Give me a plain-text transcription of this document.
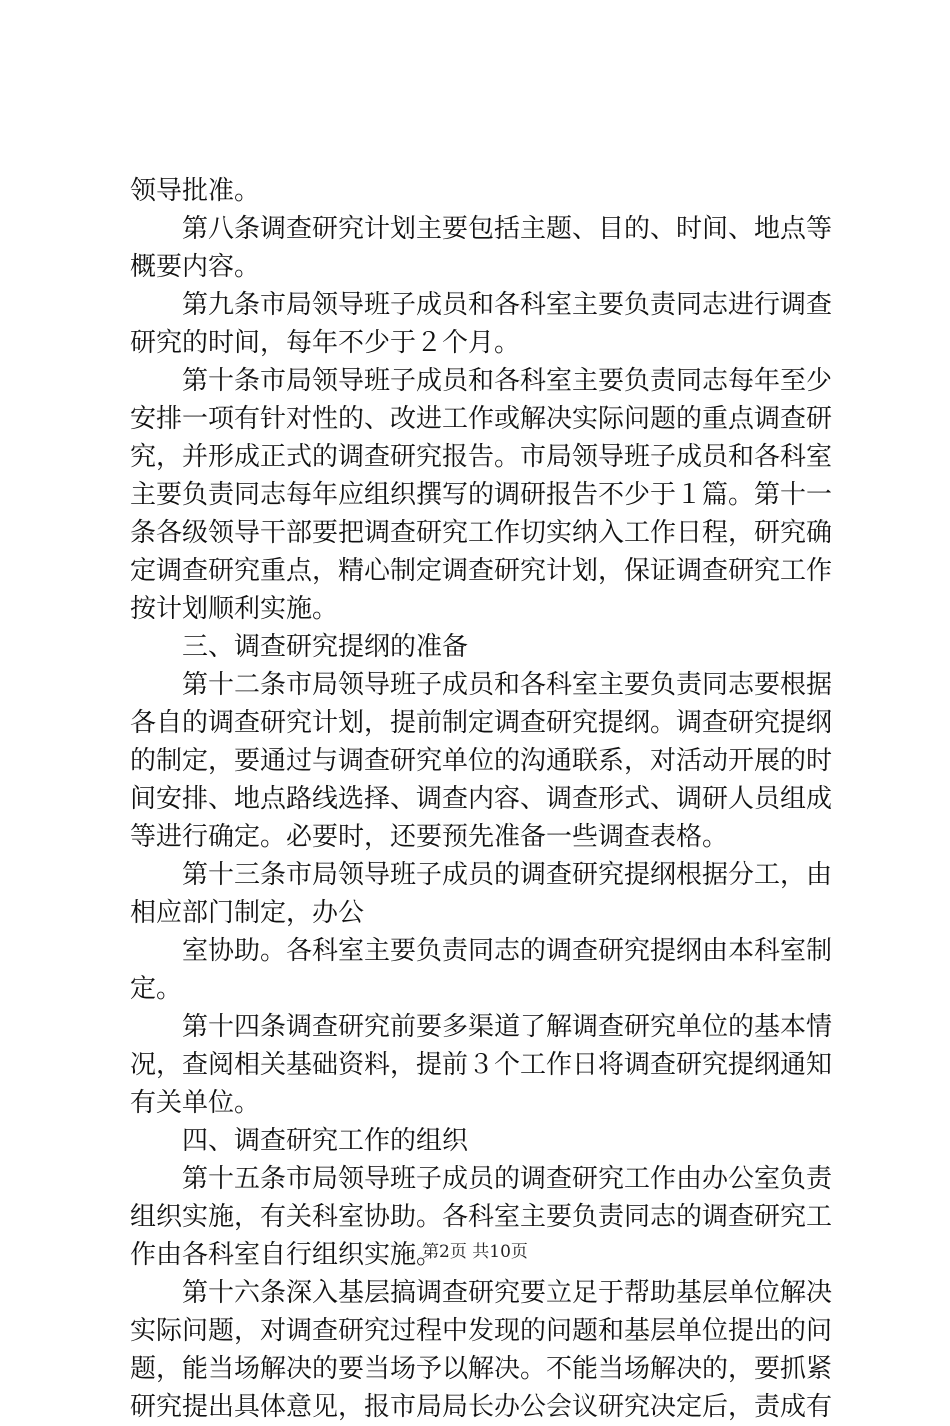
领导批准。
第八条调查研究计划主要包括主题、目的、时间、地点等
概要内容。
第九条市局领导班子成员和各科室主要负责同志进行调查
研究的时间，每年不少于２个月。
第十条市局领导班子成员和各科室主要负责同志每年至少
安排一项有针对性的、改进工作或解决实际问题的重点调查研
究，并形成正式的调查研究报告。市局领导班子成员和各科室
主要负责同志每年应组织撰写的调研报告不少于１篇。第十一
条各级领导干部要把调查研究工作切实纳入工作日程，研究确
定调查研究重点，精心制定调查研究计划，保证调查研究工作
按计划顺利实施。
三、调查研究提纲的准备
第十二条市局领导班子成员和各科室主要负责同志要根据
各自的调查研究计划，提前制定调查研究提纲。调查研究提纲
的制定，要通过与调查研究单位的沟通联系，对活动开展的时
间安排、地点路线选择、调查内容、调查形式、调研人员组成
等进行确定。必要时，还要预先准备一些调查表格。
第十三条市局领导班子成员的调查研究提纲根据分工，由
相应部门制定，办公
室协助。各科室主要负责同志的调查研究提纲由本科室制
定。
第十四条调查研究前要多渠道了解调查研究单位的基本情
况，查阅相关基础资料，提前３个工作日将调查研究提纲通知
有关单位。
四、调查研究工作的组织
第十五条市局领导班子成员的调查研究工作由办公室负责
组织实施，有关科室协助。各科室主要负责同志的调查研究工
作由各科室自行组织实施。
第十六条深入基层搞调查研究要立足于帮助基层单位解决
实际问题，对调查研究过程中发现的问题和基层单位提出的问
题，能当场解决的要当场予以解决。不能当场解决的，要抓紧
研究提出具体意见，报市局局长办公会议研究决定后，责成有
第2页 共10页
